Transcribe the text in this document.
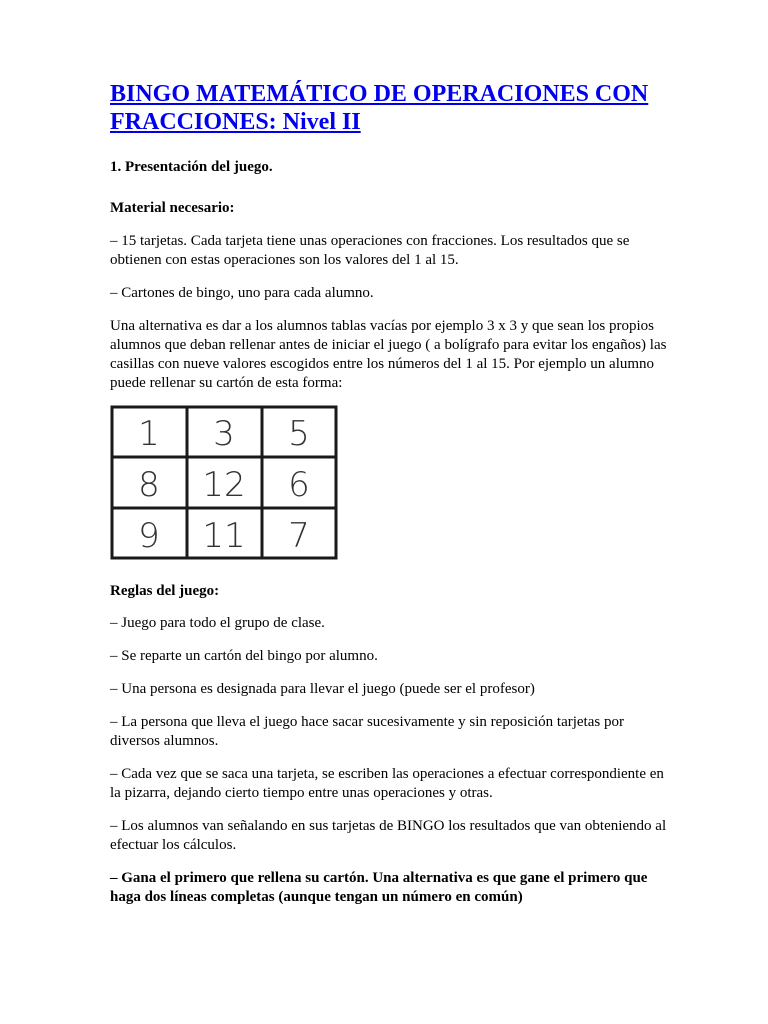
BINGO MATEMÁTICO DE OPERACIONES CON FRACCIONES: Nivel II

1. Presentación del juego.

Material necesario:

– 15 tarjetas. Cada tarjeta tiene unas operaciones con fracciones. Los resultados que se obtienen con estas operaciones son los valores del 1 al 15.

– Cartones de bingo, uno para cada alumno.

Una alternativa es dar a los alumnos tablas vacías por ejemplo 3 x 3 y que sean los propios alumnos que deban rellenar antes de iniciar el juego ( a bolígrafo para evitar los engaños) las casillas con nueve valores escogidos entre los números del 1 al 15. Por ejemplo un alumno puede rellenar su cartón de esta forma:

1 3 5
8 12 6
9 11 7

Reglas del juego:

– Juego para todo el grupo de clase.

– Se reparte un cartón del bingo por alumno.

– Una persona es designada para llevar el juego (puede ser el profesor)

– La persona que lleva el juego hace sacar sucesivamente y sin reposición tarjetas por diversos alumnos.

– Cada vez que se saca una tarjeta, se escriben las operaciones a efectuar correspondiente en la pizarra, dejando cierto tiempo entre unas operaciones y otras.

– Los alumnos van señalando en sus tarjetas de BINGO los resultados que van obteniendo al efectuar los cálculos.

– Gana el primero que rellena su cartón. Una alternativa es que gane el primero que haga dos líneas completas (aunque tengan un número en común)
